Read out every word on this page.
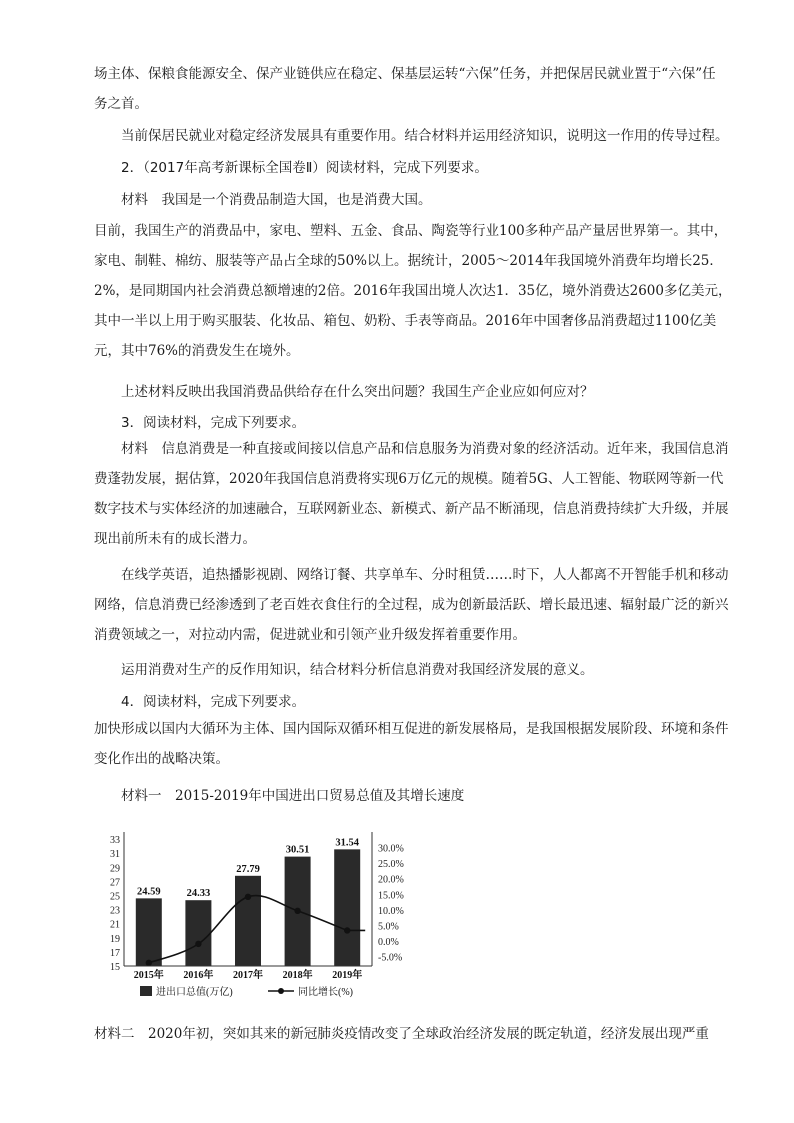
场主体、保粮食能源安全、保产业链供应在稳定、保基层运转“六保”任务，并把保居民就业置于“六保”任
务之首。
当前保居民就业对稳定经济发展具有重要作用。结合材料并运用经济知识，说明这一作用的传导过程。
2．（2017年高考新课标全国卷Ⅱ）阅读材料，完成下列要求。
材料　我国是一个消费品制造大国，也是消费大国。

目前，我国生产的消费品中，家电、塑料、五金、食品、陶瓷等行业100多种产品产量居世界第一。其中，家电、制鞋、棉纺、服装等产品占全球的50%以上。据统计，2005～2014年我国境外消费年均增长25．2%，是同期国内社会消费总额增速的2倍。2016年我国出境人次达1．35亿，境外消费达2600多亿美元，其中一半以上用于购买服装、化妆品、箱包、奶粉、手表等商品。2016年中国奢侈品消费超过1100亿美元，其中76%的消费发生在境外。

上述材料反映出我国消费品供给存在什么突出问题？我国生产企业应如何应对？
3．阅读材料，完成下列要求。

材料　信息消费是一种直接或间接以信息产品和信息服务为消费对象的经济活动。近年来，我国信息消费蓬勃发展，据估算，2020年我国信息消费将实现6万亿元的规模。随着5G、人工智能、物联网等新一代数字技术与实体经济的加速融合，互联网新业态、新模式、新产品不断涌现，信息消费持续扩大升级，并展现出前所未有的成长潜力。

在线学英语，追热播影视剧、网络订餐、共享单车、分时租赁……时下，人人都离不开智能手机和移动网络，信息消费已经渗透到了老百姓衣食住行的全过程，成为创新最活跃、增长最迅速、辐射最广泛的新兴消费领域之一，对拉动内需，促进就业和引领产业升级发挥着重要作用。

运用消费对生产的反作用知识，结合材料分析信息消费对我国经济发展的意义。
4．阅读材料，完成下列要求。

加快形成以国内大循环为主体、国内国际双循环相互促进的新发展格局，是我国根据发展阶段、环境和条件变化作出的战略决策。

材料一　2015-2019年中国进出口贸易总值及其增长速度
24.59 24.33
27.79
30.51
31.54
15
17
19
21
23
25
27
29
31
33
-5.0%
0.0%
5.0%
10.0%
15.0%
20.0%
25.0%
30.0%
2015年 2016年 2017年 2018年 2019年
进出口总值(万亿)	同比增长(%)
材料二　2020年初，突如其来的新冠肺炎疫情改变了全球政治经济发展的既定轨道，经济发展出现严重
